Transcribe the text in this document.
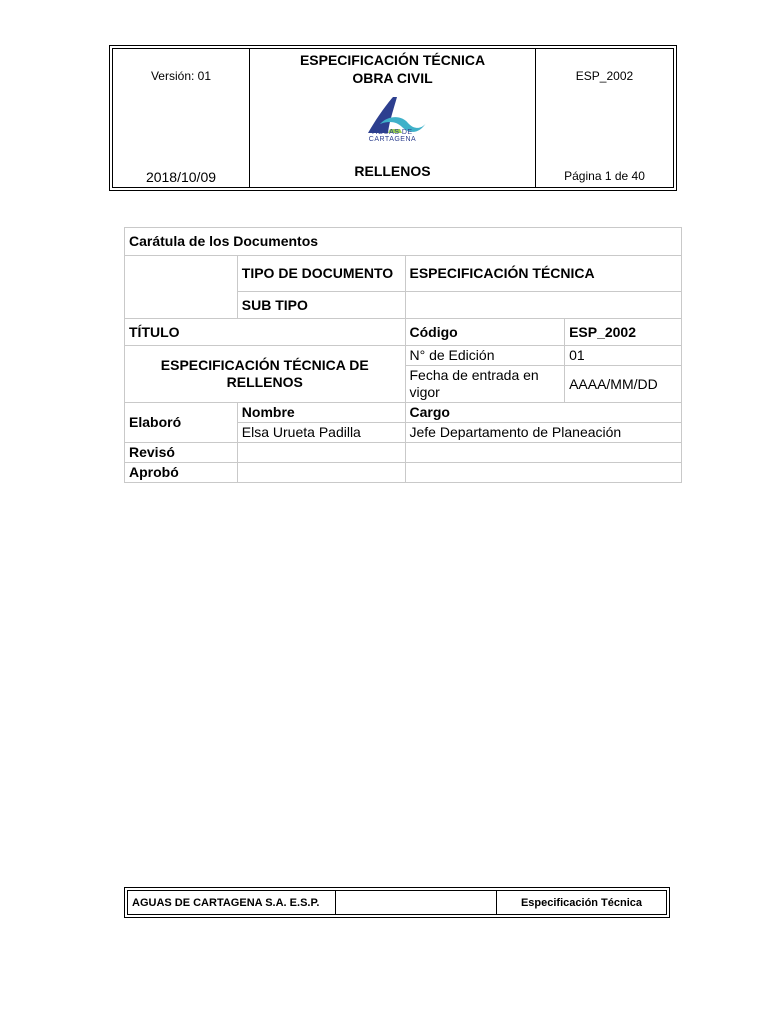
Versión: 01
2018/10/09
ESPECIFICACIÓN TÉCNICA
OBRA CIVIL
AGUAS DE
CARTAGENA
RELLENOS
ESP_2002
Página 1 de 40
Carátula de los Documentos			
	TIPO DE DOCUMENTO	ESPECIFICACIÓN TÉCNICA	
	SUB TIPO		
TÍTULO		Código	ESP_2002
ESPECIFICACIÓN TÉCNICA DE RELLENOS		N° de Edición	01
		Fecha de entrada en vigor	AAAA/MM/DD
Elaboró	Nombre	Cargo	
	Elsa Urueta Padilla	Jefe Departamento de Planeación	
Revisó			
Aprobó			
AGUAS DE CARTAGENA S.A. E.S.P.	Especificación Técnica
